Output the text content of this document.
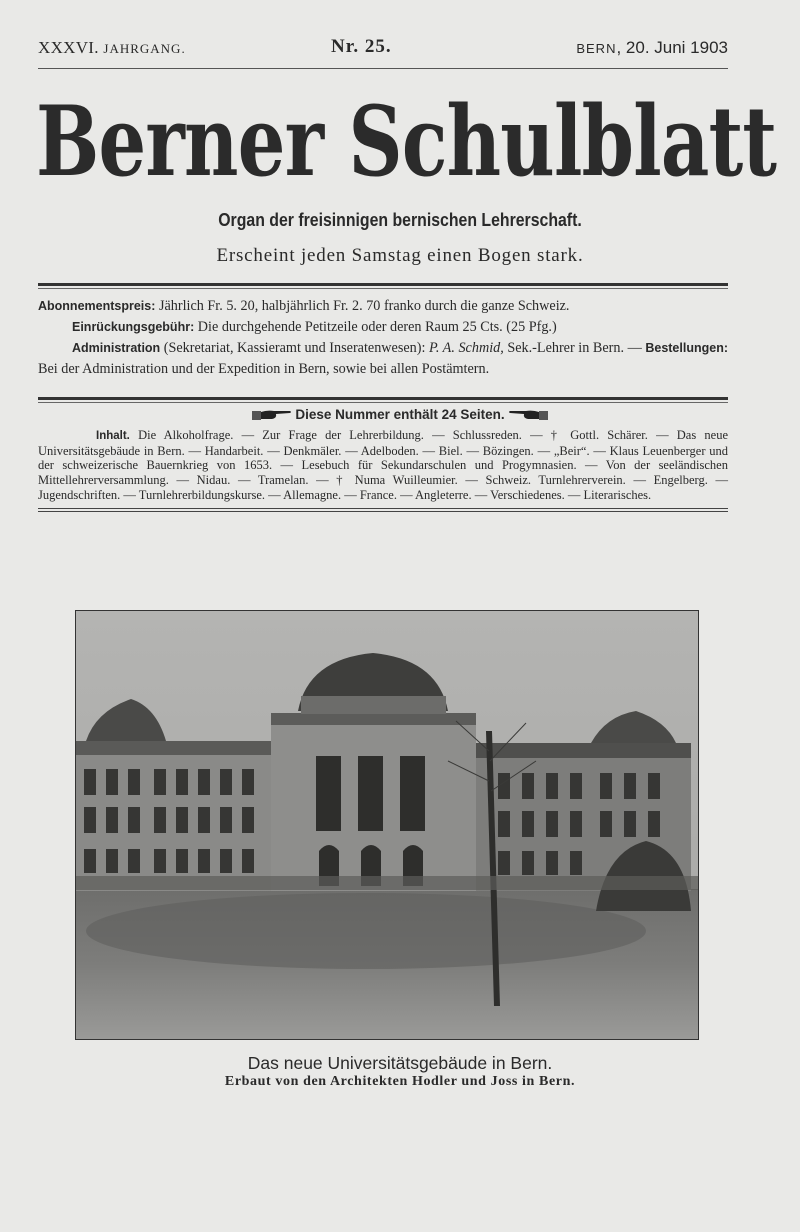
XXXVI. JAHRGANG.	Nr. 25.	BERN, 20. Juni 1903
Berner Schulblatt
Organ der freisinnigen bernischen Lehrerschaft.
Erscheint jeden Samstag einen Bogen stark.
Abonnementspreis: Jährlich Fr. 5. 20, halbjährlich Fr. 2. 70 franko durch die ganze Schweiz.
Einrückungsgebühr: Die durchgehende Petitzeile oder deren Raum 25 Cts. (25 Pfg.)
Administration (Sekretariat, Kassieramt und Inseratenwesen): P. A. Schmid, Sek.-Lehrer in Bern. — Bestellungen: Bei der Administration und der Expedition in Bern, sowie bei allen Postämtern.
Diese Nummer enthält 24 Seiten.
Inhalt. Die Alkoholfrage. — Zur Frage der Lehrerbildung. — Schlussreden. — † Gottl. Schärer. — Das neue Universitätsgebäude in Bern. — Handarbeit. — Denkmäler. — Adelboden. — Biel. — Bözingen. — „Beir“. — Klaus Leuenberger und der schweizerische Bauernkrieg von 1653. — Lesebuch für Sekundarschulen und Progymnasien. — Von der seeländischen Mittellehrerversammlung. — Nidau. — Tramelan. — † Numa Wuilleumier. — Schweiz. Turnlehrerverein. — Engelberg. — Jugendschriften. — Turnlehrerbildungskurse. — Allemagne. — France. — Angleterre. — Verschiedenes. — Literarisches.
Das neue Universitätsgebäude in Bern.
Erbaut von den Architekten Hodler und Joss in Bern.
